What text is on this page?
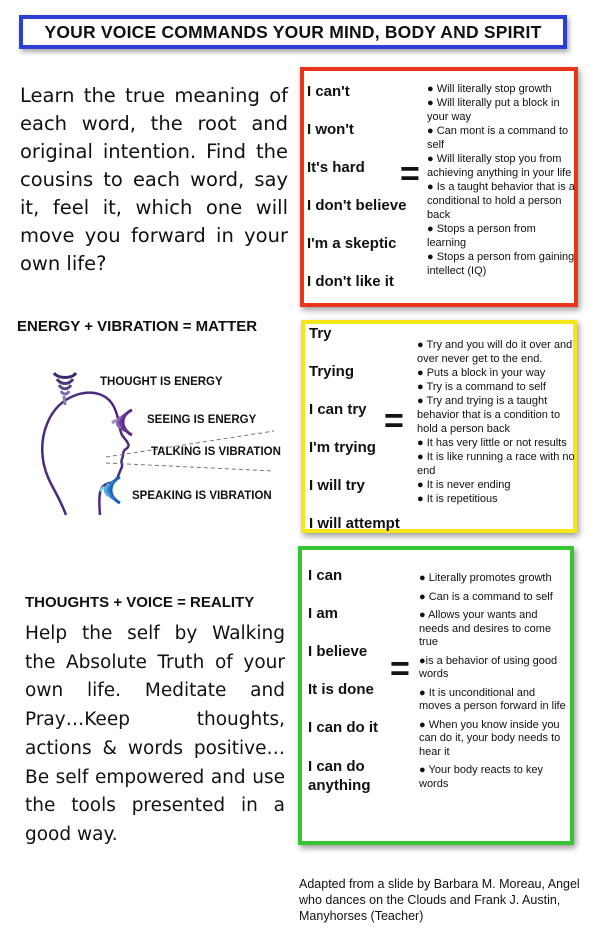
YOUR VOICE COMMANDS YOUR MIND, BODY AND SPIRIT
Learn the true meaning of each word, the root and original intention. Find the cousins to each word, say it, feel it, which one will move you forward in your own life?
I can't
I won't
It's hard
I don't believe
I'm a skeptic
I don't like it
=

● Will literally stop growth

● Will literally put a block in your way

● Can mont is a command to self

● Will literally stop you from achieving anything in your life

● Is a taught behavior that is a conditional to hold a person back

● Stops a person from learning

● Stops a person from gaining intellect (IQ)

ENERGY + VIBRATION = MATTER
THOUGHT IS ENERGY
SEEING IS ENERGY
TALKING IS VIBRATION
SPEAKING IS VIBRATION
Try
Trying
I can try
I'm trying
I will try
I will attempt
=

● Try and you will do it over and over never get to the end.

● Puts a block in your way

● Try is a command to self

● Try and trying is a taught behavior that is a condition to hold a person back

● It has very little or not results

● It is like running a race with no end

● It is never ending

● It is repetitious

THOUGHTS + VOICE = REALITY
Help the self by Walking the Absolute Truth of your own life. Meditate and Pray…Keep thoughts, actions & words positive… Be self empowered and use the tools presented in a good way.
I can
I am
I believe
It is done
I can do it
I can do anything
=

● Literally promotes growth

● Can is a command to self

● Allows your wants and needs and desires to come true

●is a behavior of using good words

● It is unconditional and moves a person forward in life

● When you know inside you can do it, your body needs to hear it

● Your body reacts to key words

Adapted from a slide by Barbara M. Moreau, Angel who dances on the Clouds and Frank J. Austin, Manyhorses (Teacher)
